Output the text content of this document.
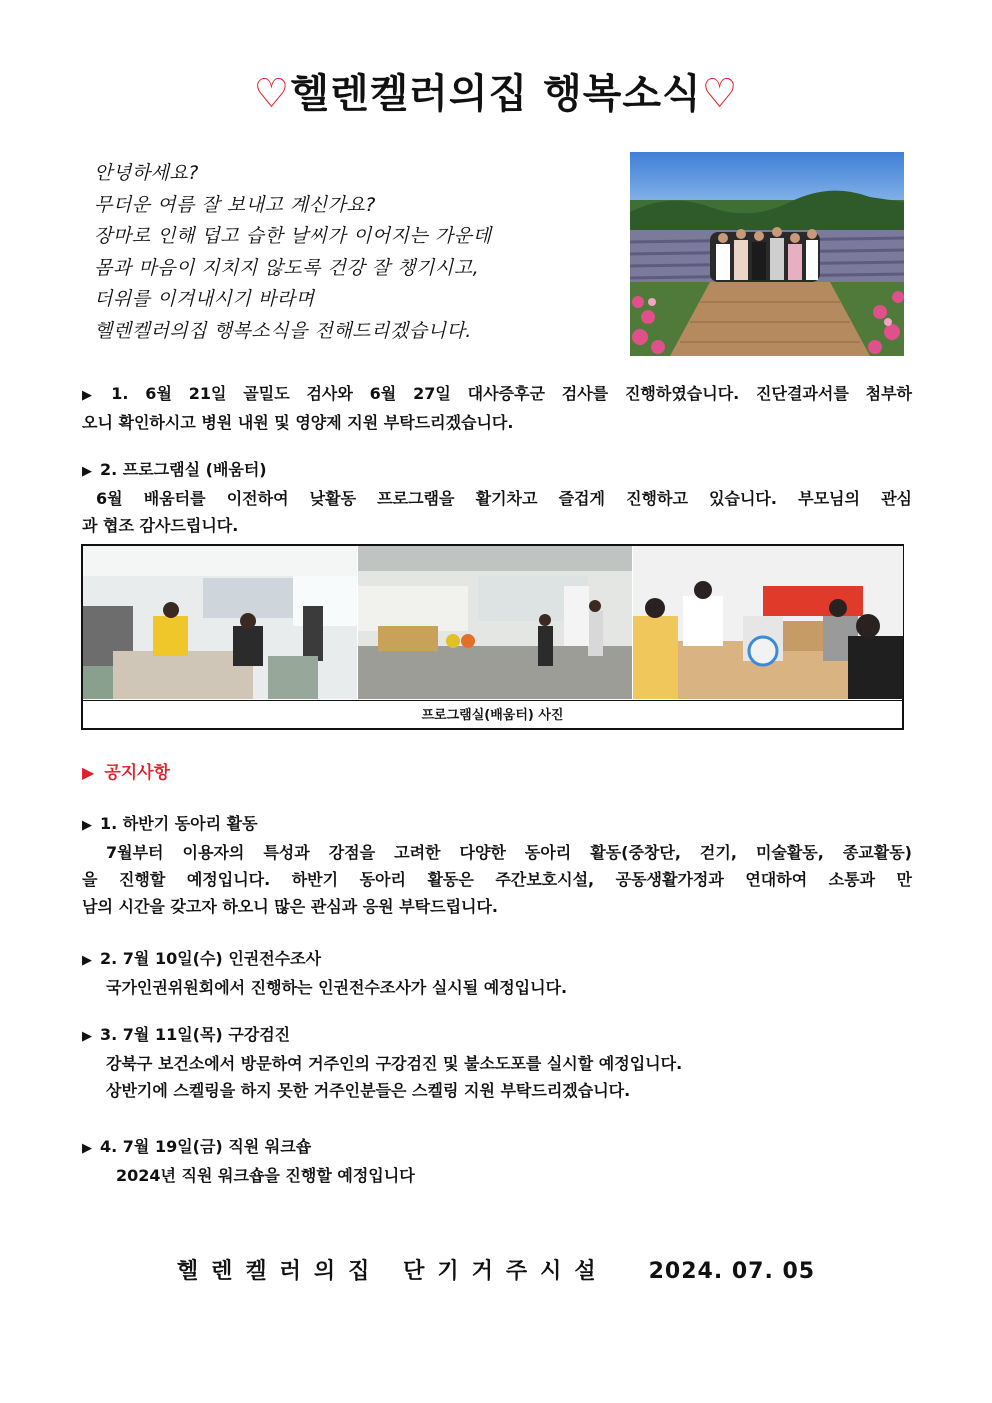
♡헬렌켈러의집 행복소식♡
안녕하세요?
무더운 여름 잘 보내고 계신가요?
장마로 인해 덥고 습한 날씨가 이어지는 가운데
몸과 마음이 지치지 않도록 건강 잘 챙기시고,
더위를 이겨내시기 바라며
헬렌켈러의집 행복소식을 전해드리겠습니다.
▶ 1. 6월 21일 골밀도 검사와 6월 27일 대사증후군 검사를 진행하였습니다. 진단결과서를 첨부하
오니 확인하시고 병원 내원 및 영양제 지원 부탁드리겠습니다.
▶ 2. 프로그램실 (배움터)
6월 배움터를 이전하여 낮활동 프로그램을 활기차고 즐겁게 진행하고 있습니다. 부모님의 관심
과 협조 감사드립니다.
프로그램실(배움터) 사진
▶ 공지사항
▶ 1. 하반기 동아리 활동
7월부터 이용자의 특성과 강점을 고려한 다양한 동아리 활동(중창단, 걷기, 미술활동, 종교활동)
을 진행할 예정입니다. 하반기 동아리 활동은 주간보호시설, 공동생활가정과 연대하여 소통과 만
남의 시간을 갖고자 하오니 많은 관심과 응원 부탁드립니다.
▶ 2. 7월 10일(수) 인권전수조사
국가인권위원회에서 진행하는 인권전수조사가 실시될 예정입니다.
▶ 3. 7월 11일(목) 구강검진
강북구 보건소에서 방문하여 거주인의 구강검진 및 불소도포를 실시할 예정입니다.
상반기에 스켈링을 하지 못한 거주인분들은 스켈링 지원 부탁드리겠습니다.
▶ 4. 7월 19일(금) 직원 워크숍
2024년 직원 워크숍을 진행할 예정입니다
헬렌켈러의집 단기거주시설 2024. 07. 05
